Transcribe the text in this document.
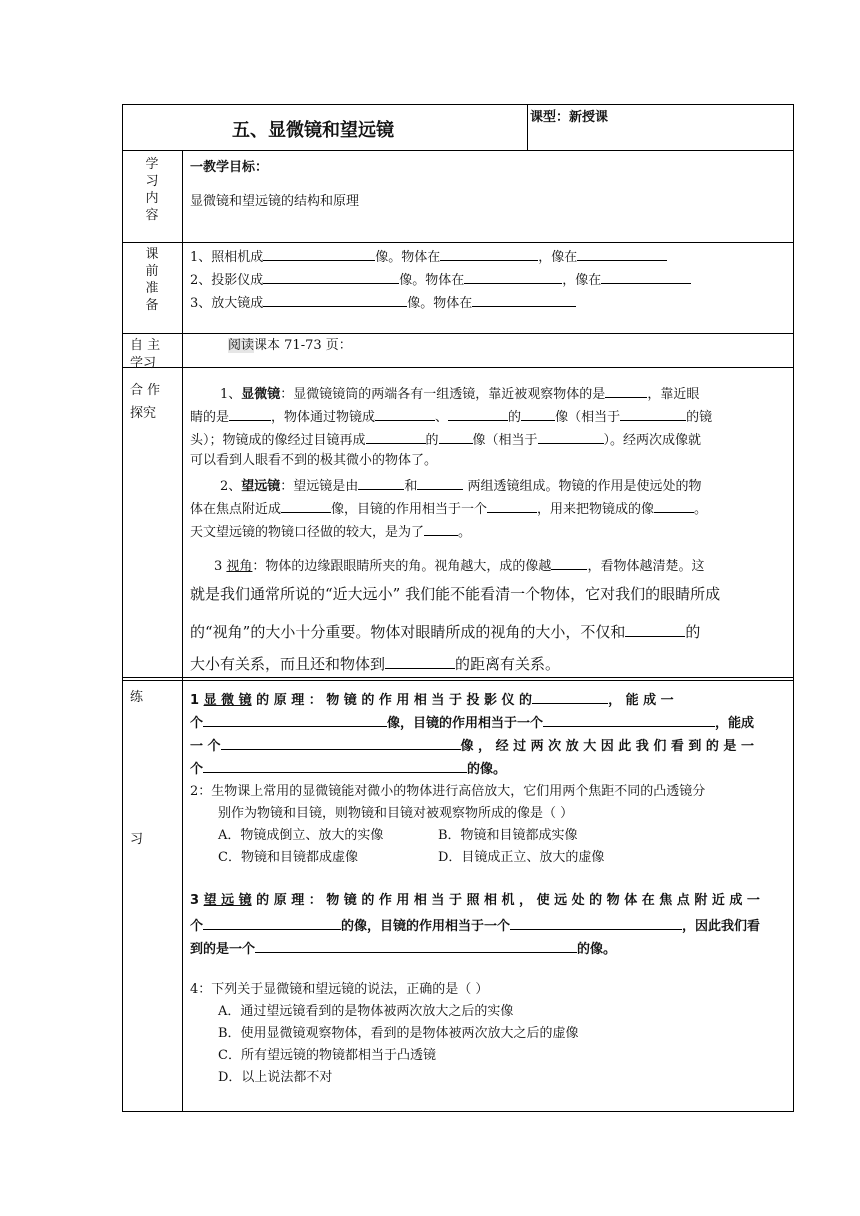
五、显微镜和望远镜
课型：新授课
学
习
内
容
一教学目标：
显微镜和望远镜的结构和原理
课
前
准
备
1、照相机成	像。物体在	，像在
2、投影仪成	像。物体在	，像在
3、放大镜成	像。物体在
自 主
学习
阅读课本 71-73 页：
合 作
探究
1、显微镜：显微镜镜筒的两端各有一组透镜，靠近被观察物体的是	，靠近眼
睛的是	，物体通过物镜成	、	的	像（相当于	的镜
头）；物镜成的像经过目镜再成	的	像（相当于	）。经两次成像就
可以看到人眼看不到的极其微小的物体了。
2、望远镜：望远镜是由	和	两组透镜组成。物镜的作用是使远处的物
体在焦点附近成	像，目镜的作用相当于一个	，用来把物镜成的像	。
天文望远镜的物镜口径做的较大，是为了	。
3 视角：物体的边缘跟眼睛所夹的角。视角越大，成的像越	，看物体越清楚。这
就是我们通常所说的“近大远小” 我们能不能看清一个物体，它对我们的眼睛所成
的“视角”的大小十分重要。物体对眼睛所成的视角的大小，不仅和	的
大小有关系，而且还和物体到	的距离有关系。
练
习
1 显 微 镜 的 原 理 ： 物 镜 的 作 用 相 当 于 投 影 仪 的	， 能 成 一
个	像，目镜的作用相当于一个	，能成
一 个	像 ， 经 过 两 次 放 大 因 此 我 们 看 到 的 是 一
个	的像。
2：生物课上常用的显微镜能对微小的物体进行高倍放大，它们用两个焦距不同的凸透镜分
别作为物镜和目镜，则物镜和目镜对被观察物所成的像是（ ）
A．物镜成倒立、放大的实像	B．物镜和目镜都成实像
C．物镜和目镜都成虚像	D．目镜成正立、放大的虚像
3 望 远 镜 的 原 理 ： 物 镜 的 作 用 相 当 于 照 相 机 ， 使 远 处 的 物 体 在 焦 点 附 近 成 一
个	的像，目镜的作用相当于一个	，因此我们看
到的是一个	的像。
4：下列关于显微镜和望远镜的说法，正确的是（ ）
A．通过望远镜看到的是物体被两次放大之后的实像
B．使用显微镜观察物体，看到的是物体被两次放大之后的虚像
C．所有望远镜的物镜都相当于凸透镜
D．以上说法都不对
